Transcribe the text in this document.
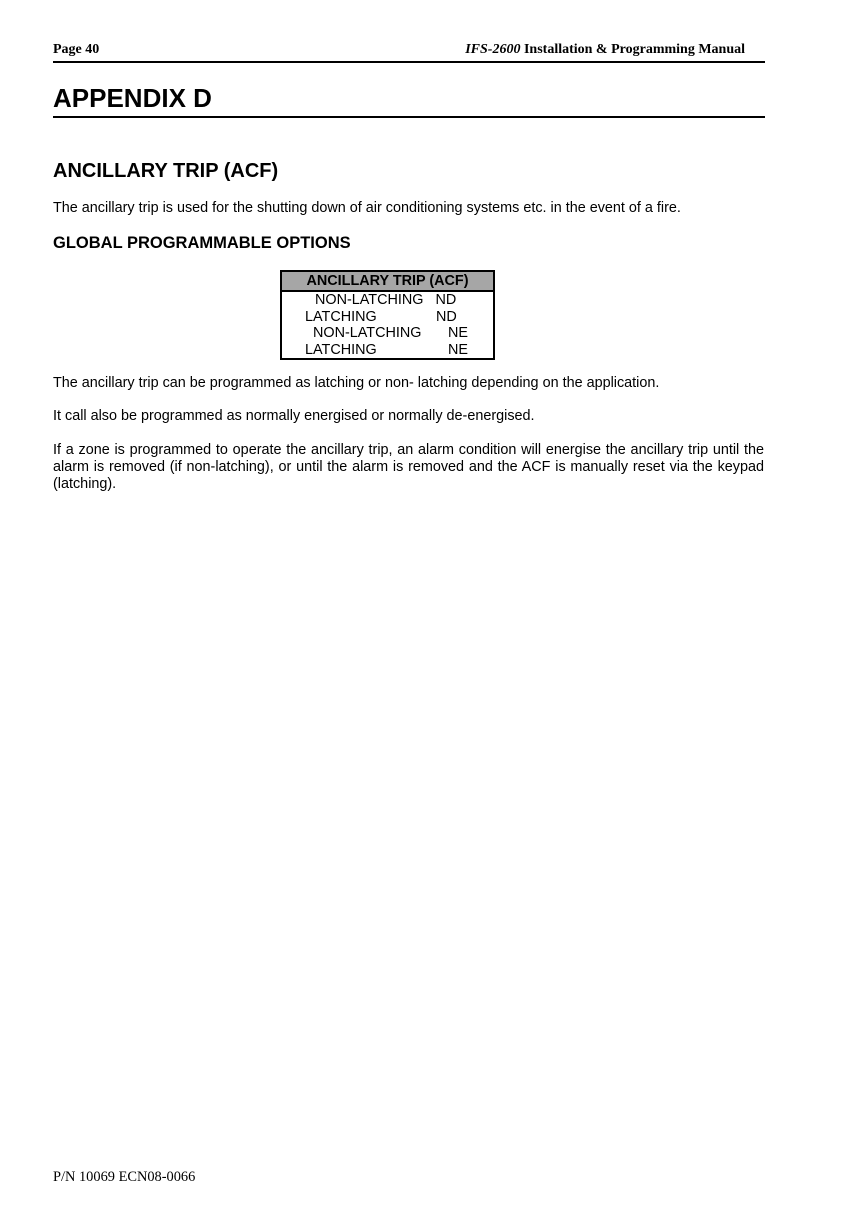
Page 40	IFS-2600 Installation & Programming Manual
APPENDIX D
ANCILLARY TRIP (ACF)
The ancillary trip is used for the shutting down of air conditioning systems etc. in the event of a fire.
GLOBAL PROGRAMMABLE OPTIONS
ANCILLARY TRIP (ACF)
NON-LATCHING ND
LATCHING	ND
NON-LATCHING NE
LATCHING	NE
The ancillary trip can be programmed as latching or non- latching depending on the application.
It call also be programmed as normally energised or normally de-energised.
If a zone is programmed to operate the ancillary trip, an alarm condition will energise the ancillary trip until the alarm is removed (if non-latching), or until the alarm is removed and the ACF is manually reset via the keypad (latching).
P/N 10069 ECN08-0066
